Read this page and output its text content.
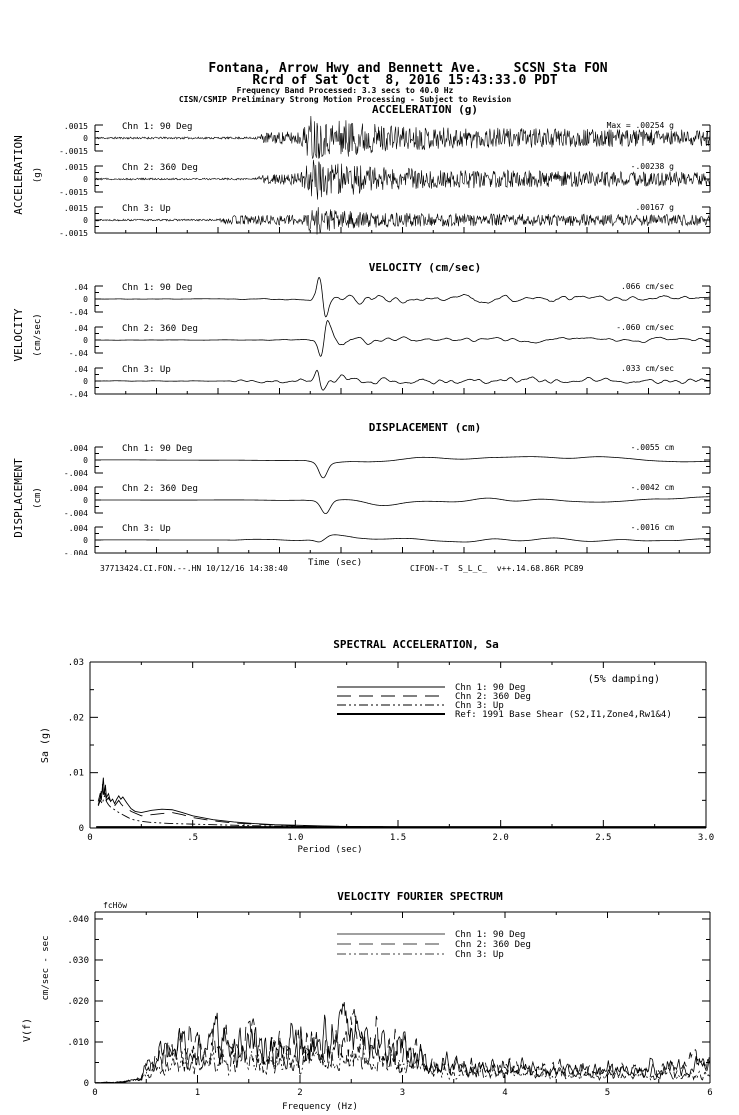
Fontana, Arrow Hwy and Bennett Ave.    SCSN Sta FON
Rcrd of Sat Oct  8, 2016 15:43:33.0 PDT
Frequency Band Processed: 3.3 secs to 40.0 Hz
CISN/CSMIP Preliminary Strong Motion Processing - Subject to Revision
ACCELERATION (g)
.0015
0
-.0015
Chn 1: 90 Deg	Max = .00254 g
.0015
0
-.0015
Chn 2: 360 Deg	-.00238 g
.0015
0
-.0015
Chn 3: Up	.00167 g
VELOCITY (cm/sec)
.04
0
-.04
Chn 1: 90 Deg	.066 cm/sec
.04
0
-.04
Chn 2: 360 Deg	-.060 cm/sec
.04
0
-.04
Chn 3: Up	.033 cm/sec
DISPLACEMENT (cm)
.004
0
-.004
Chn 1: 90 Deg	-.0055 cm
.004
0
-.004
Chn 2: 360 Deg	-.0042 cm
.004
0
-.004
Chn 3: Up	-.0016 cm
ACCELERATION (g)
VELOCITY (cm/sec)
DISPLACEMENT (cm)
37713424.CI.FON.--.HN 10/12/16 14:38:40
Time (sec)
CIFON--T  S_L_C_  v++.14.68.86R PC89
SPECTRAL ACCELERATION, Sa
(5% damping)
0	.5	1.0	1.5	2.0	2.5	3.0
.03
.02
.01
0
Period (sec)
Sa (g)
Chn 1: 90 Deg
Chn 2: 360 Deg
Chn 3: Up
Ref: 1991 Base Shear (S2,I1,Zone4,Rw1&4)
VELOCITY FOURIER SPECTRUM
fcHöw
0	1	2	3	4	5	6
.040
.030
.020
.010
0
Frequency (Hz)
cm/sec - sec
V(f)
Chn 1: 90 Deg
Chn 2: 360 Deg
Chn 3: Up
